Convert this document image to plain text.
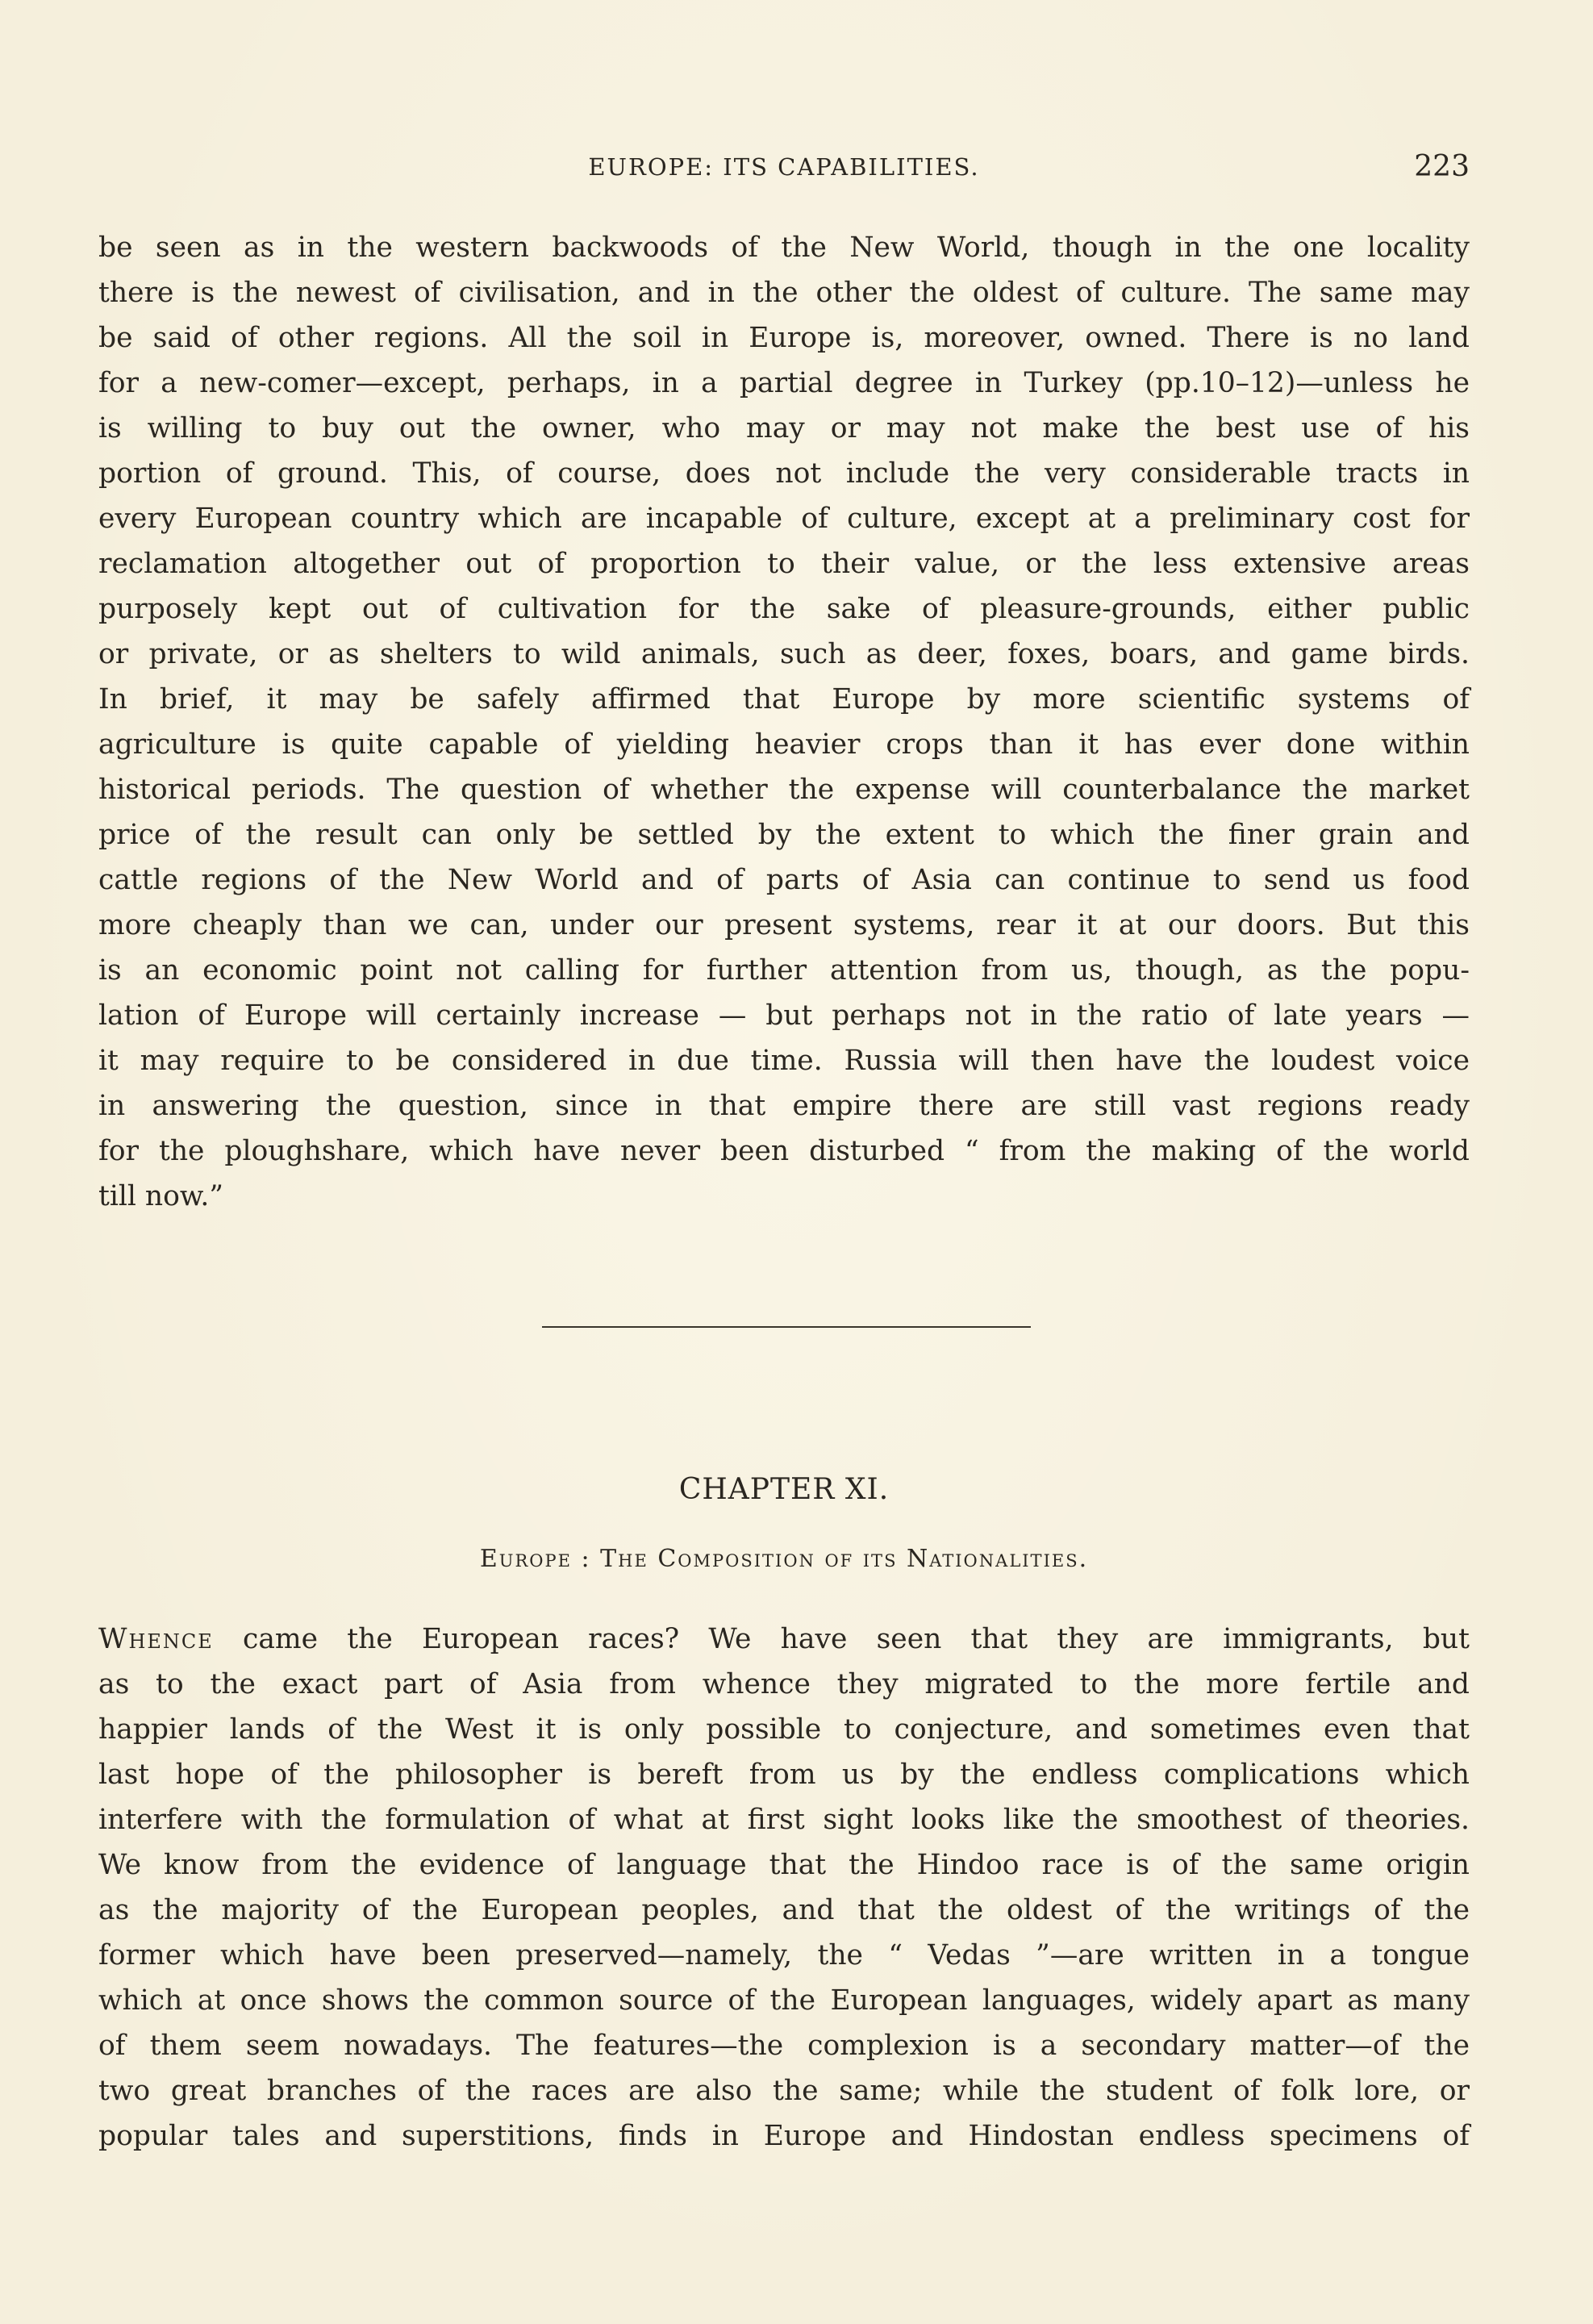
EUROPE: ITS CAPABILITIES.	223
be seen as in the western backwoods of the New World, though in the one locality
there is the newest of civilisation, and in the other the oldest of culture. The same may
be said of other regions. All the soil in Europe is, moreover, owned. There is no land
for a new-comer—except, perhaps, in a partial degree in Turkey (pp.10–12)—unless he
is willing to buy out the owner, who may or may not make the best use of his
portion of ground. This, of course, does not include the very considerable tracts in
every European country which are incapable of culture, except at a preliminary cost for
reclamation altogether out of proportion to their value, or the less extensive areas
purposely kept out of cultivation for the sake of pleasure-grounds, either public
or private, or as shelters to wild animals, such as deer, foxes, boars, and game birds.
In brief, it may be safely affirmed that Europe by more scientific systems of
agriculture is quite capable of yielding heavier crops than it has ever done within
historical periods. The question of whether the expense will counterbalance the market
price of the result can only be settled by the extent to which the finer grain and
cattle regions of the New World and of parts of Asia can continue to send us food
more cheaply than we can, under our present systems, rear it at our doors. But this
is an economic point not calling for further attention from us, though, as the popu-
lation of Europe will certainly increase — but perhaps not in the ratio of late years —
it may require to be considered in due time. Russia will then have the loudest voice
in answering the question, since in that empire there are still vast regions ready
for the ploughshare, which have never been disturbed “ from the making of the world
till now.”
CHAPTER XI.
Europe : The Composition of its Nationalities.
Whence came the European races? We have seen that they are immigrants, but
as to the exact part of Asia from whence they migrated to the more fertile and
happier lands of the West it is only possible to conjecture, and sometimes even that
last hope of the philosopher is bereft from us by the endless complications which
interfere with the formulation of what at first sight looks like the smoothest of theories.
We know from the evidence of language that the Hindoo race is of the same origin
as the majority of the European peoples, and that the oldest of the writings of the
former which have been preserved—namely, the “ Vedas ”—are written in a tongue
which at once shows the common source of the European languages, widely apart as many
of them seem nowadays. The features—the complexion is a secondary matter—of the
two great branches of the races are also the same; while the student of folk lore, or
popular tales and superstitions, finds in Europe and Hindostan endless specimens of
